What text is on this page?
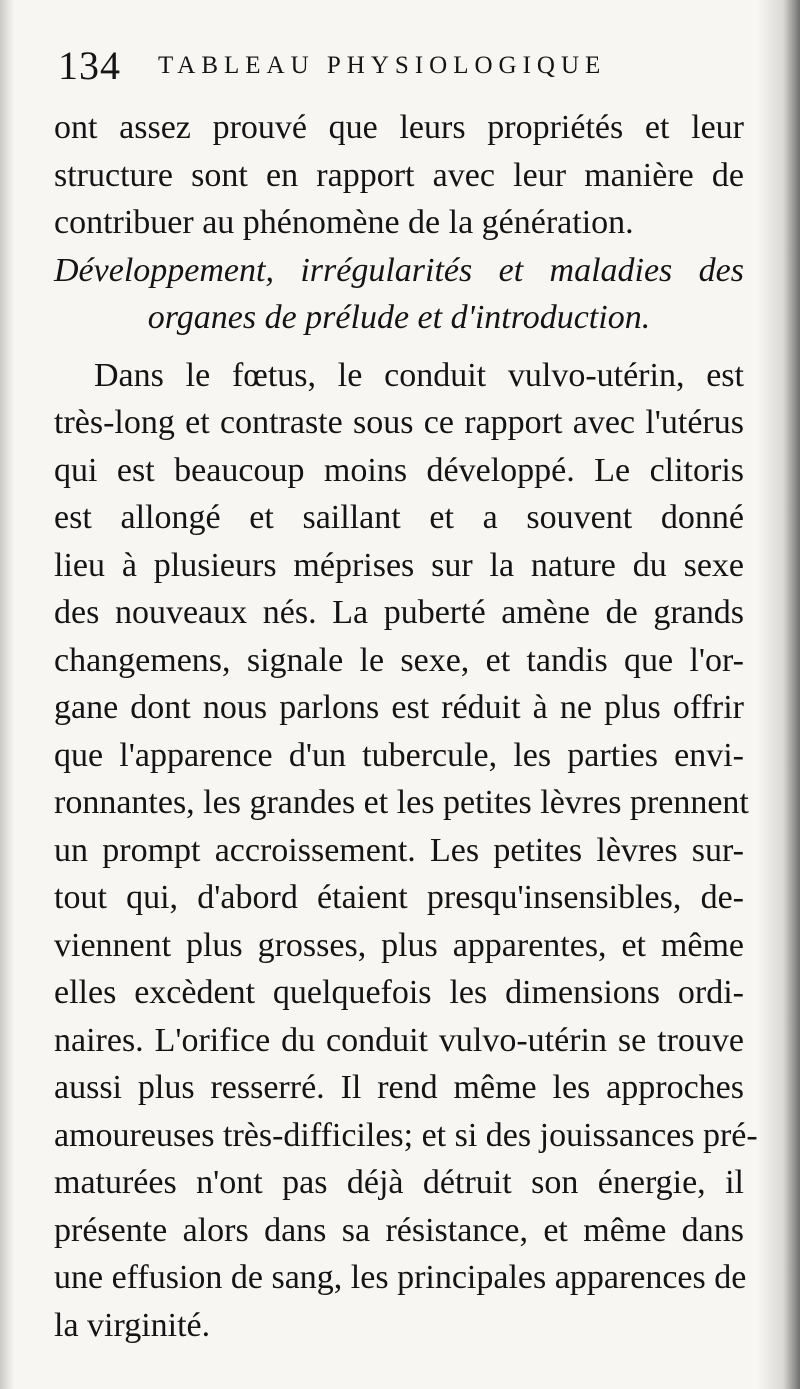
134 TABLEAU PHYSIOLOGIQUE
ont assez prouvé que leurs propriétés et leur
structure sont en rapport avec leur manière de
contribuer au phénomène de la génération.
Développement, irrégularités et maladies des
organes de prélude et d'introduction.
Dans le fœtus, le conduit vulvo-utérin, est
très-long et contraste sous ce rapport avec l'utérus
qui est beaucoup moins développé. Le clitoris
est allongé et saillant et a souvent donné
lieu à plusieurs méprises sur la nature du sexe
des nouveaux nés. La puberté amène de grands
changemens, signale le sexe, et tandis que l'or-
gane dont nous parlons est réduit à ne plus offrir
que l'apparence d'un tubercule, les parties envi-
ronnantes, les grandes et les petites lèvres prennent
un prompt accroissement. Les petites lèvres sur-
tout qui, d'abord étaient presqu'insensibles, de-
viennent plus grosses, plus apparentes, et même
elles excèdent quelquefois les dimensions ordi-
naires. L'orifice du conduit vulvo-utérin se trouve
aussi plus resserré. Il rend même les approches
amoureuses très-difficiles; et si des jouissances pré-
maturées n'ont pas déjà détruit son énergie, il
présente alors dans sa résistance, et même dans
une effusion de sang, les principales apparences de
la virginité.
